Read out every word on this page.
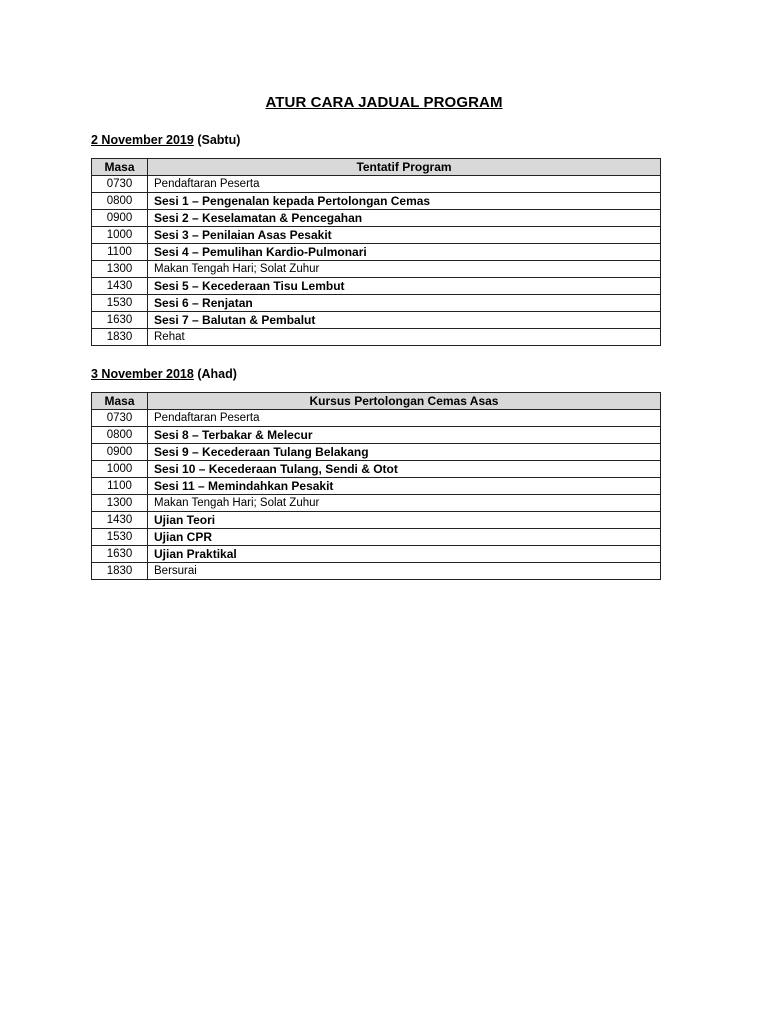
ATUR CARA JADUAL PROGRAM
2 November 2019 (Sabtu)
Masa	Tentatif Program
0730	Pendaftaran Peserta
0800	Sesi 1 – Pengenalan kepada Pertolongan Cemas
0900	Sesi 2 – Keselamatan & Pencegahan
1000	Sesi 3 – Penilaian Asas Pesakit
1100	Sesi 4 – Pemulihan Kardio-Pulmonari
1300	Makan Tengah Hari; Solat Zuhur
1430	Sesi 5 – Kecederaan Tisu Lembut
1530	Sesi 6 – Renjatan
1630	Sesi 7 – Balutan & Pembalut
1830	Rehat
3 November 2018 (Ahad)
Masa	Kursus Pertolongan Cemas Asas
0730	Pendaftaran Peserta
0800	Sesi 8 – Terbakar & Melecur
0900	Sesi 9 – Kecederaan Tulang Belakang
1000	Sesi 10 – Kecederaan Tulang, Sendi & Otot
1100	Sesi 11 – Memindahkan Pesakit
1300	Makan Tengah Hari; Solat Zuhur
1430	Ujian Teori
1530	Ujian CPR
1630	Ujian Praktikal
1830	Bersurai
